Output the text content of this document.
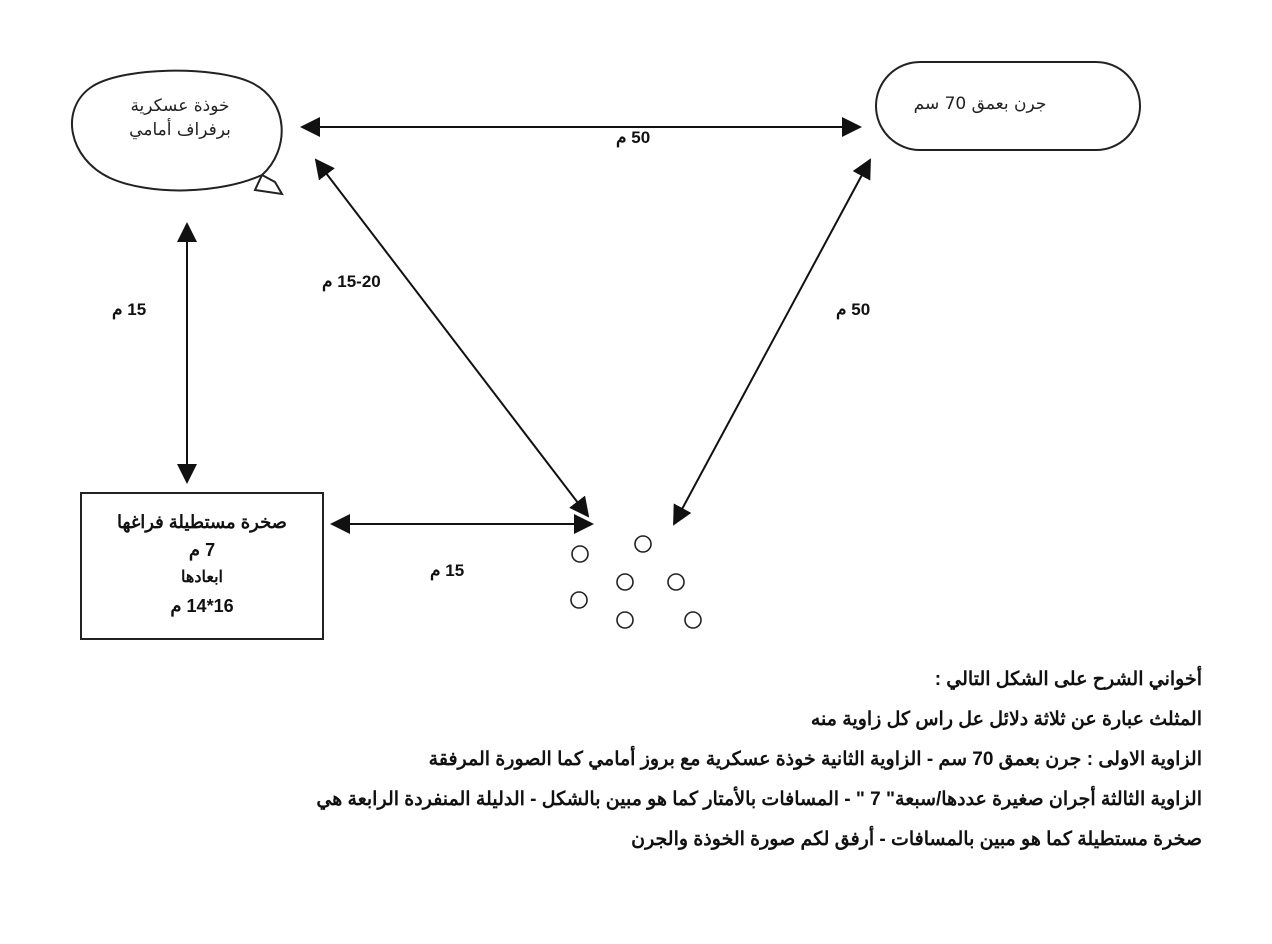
خوذة عسكرية
برفراف أمامي
جرن بعمق 70 سم
صخرة مستطيلة فراغها
7 م
ابعادها
16*14 م
50 م
50 م
15-20 م
15 م
15 م
أخواني الشرح على الشكل التالي :
المثلث عبارة عن ثلاثة دلائل عل راس كل زاوية منه
الزاوية الاولى : جرن بعمق 70 سم - الزاوية الثانية خوذة عسكرية مع بروز أمامي كما الصورة المرفقة
الزاوية الثالثة أجران صغيرة عددها/سبعة" 7 " - المسافات بالأمتار كما هو مبين بالشكل - الدليلة المنفردة الرابعة هي
صخرة مستطيلة كما هو مبين بالمسافات - أرفق لكم صورة الخوذة والجرن
